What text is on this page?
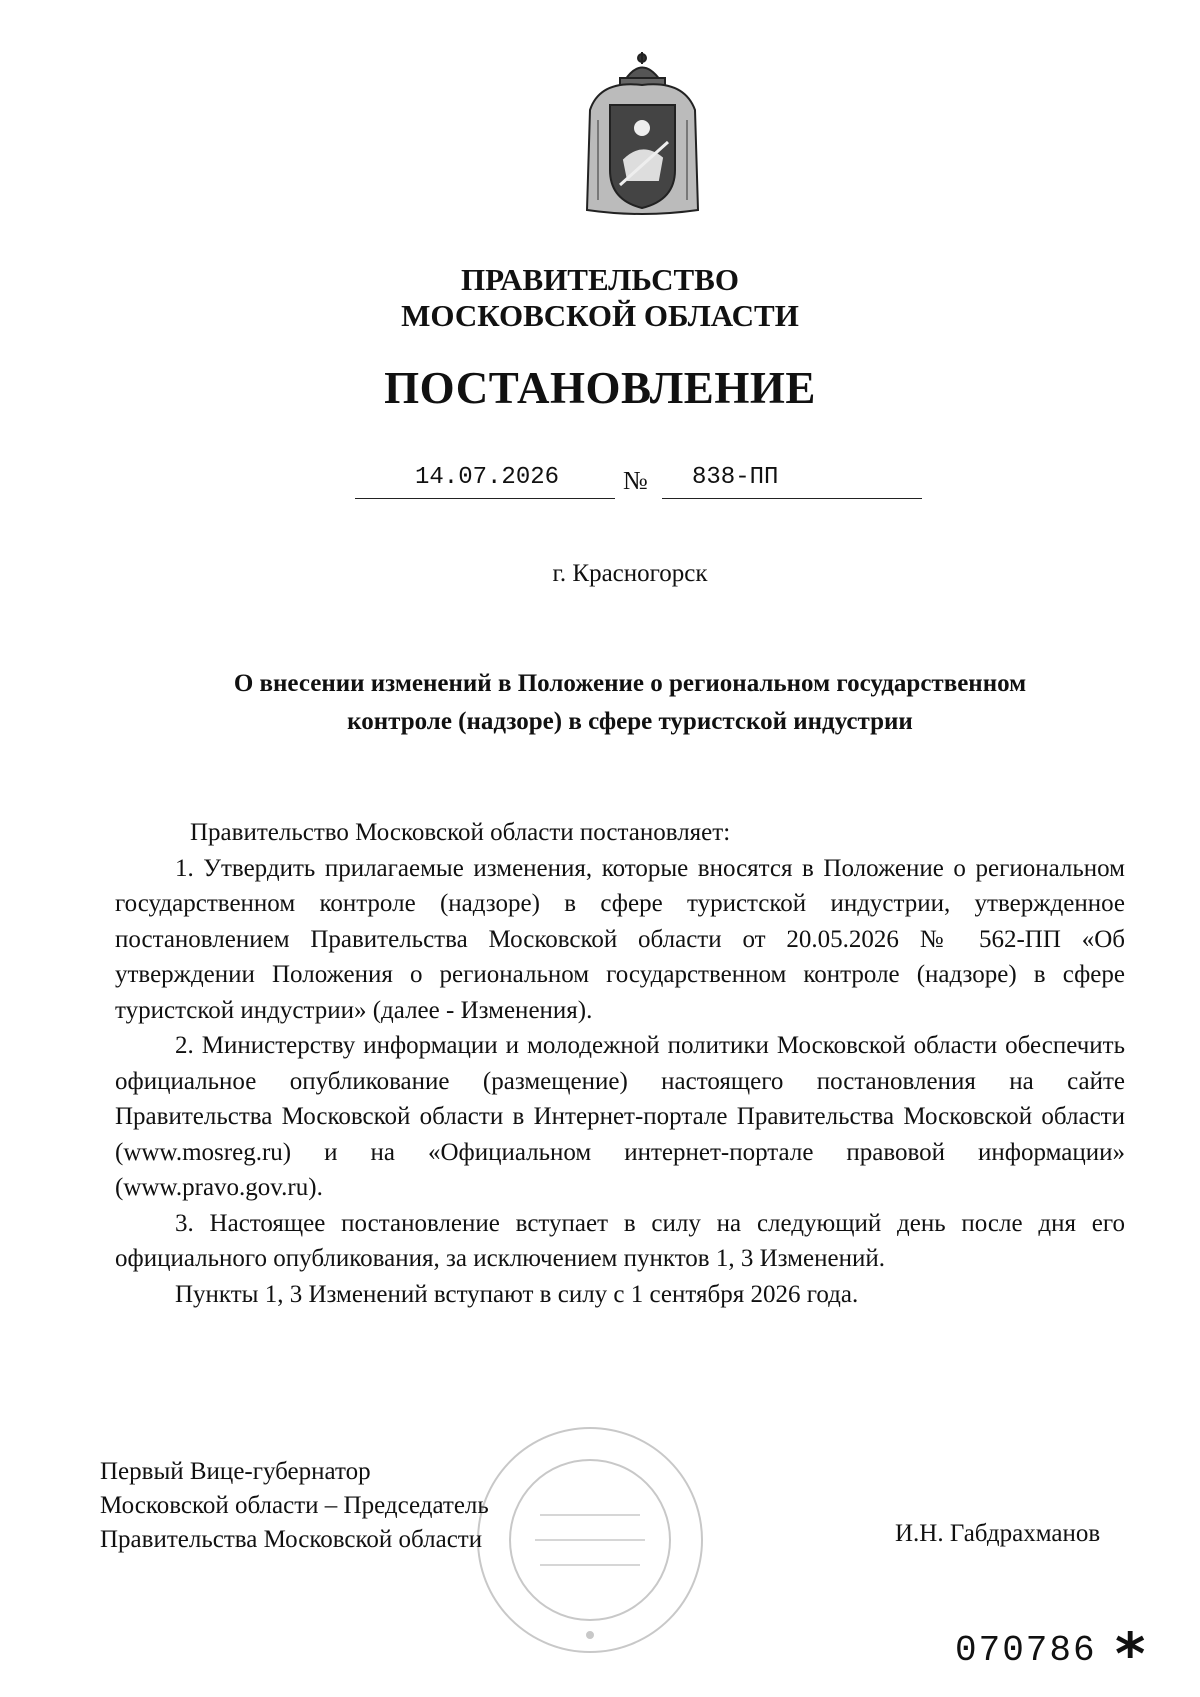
ПРАВИТЕЛЬСТВО
МОСКОВСКОЙ ОБЛАСТИ
ПОСТАНОВЛЕНИЕ
14.07.2026 № 838-ПП
г. Красногорск
О внесении изменений в Положение о региональном государственном
контроле (надзоре) в сфере туристской индустрии

Правительство Московской области постановляет:

1. Утвердить прилагаемые изменения, которые вносятся в Положение о региональном государственном контроле (надзоре) в сфере туристской индустрии, утвержденное постановлением Правительства Московской области от 20.05.2026 № 562-ПП «Об утверждении Положения о региональном государственном контроле (надзоре) в сфере туристской индустрии» (далее - Изменения).

2. Министерству информации и молодежной политики Московской области обеспечить официальное опубликование (размещение) настоящего постановления на сайте Правительства Московской области в Интернет-портале Правительства Московской области (www.mosreg.ru) и на «Официальном интернет-портале правовой информации» (www.pravo.gov.ru).

3. Настоящее постановление вступает в силу на следующий день после дня его официального опубликования, за исключением пунктов 1, 3 Изменений.

Пункты 1, 3 Изменений вступают в силу с 1 сентября 2026 года.

Первый Вице-губернатор
Московской области – Председатель
Правительства Московской области	И.Н. Габдрахманов
070786 *
